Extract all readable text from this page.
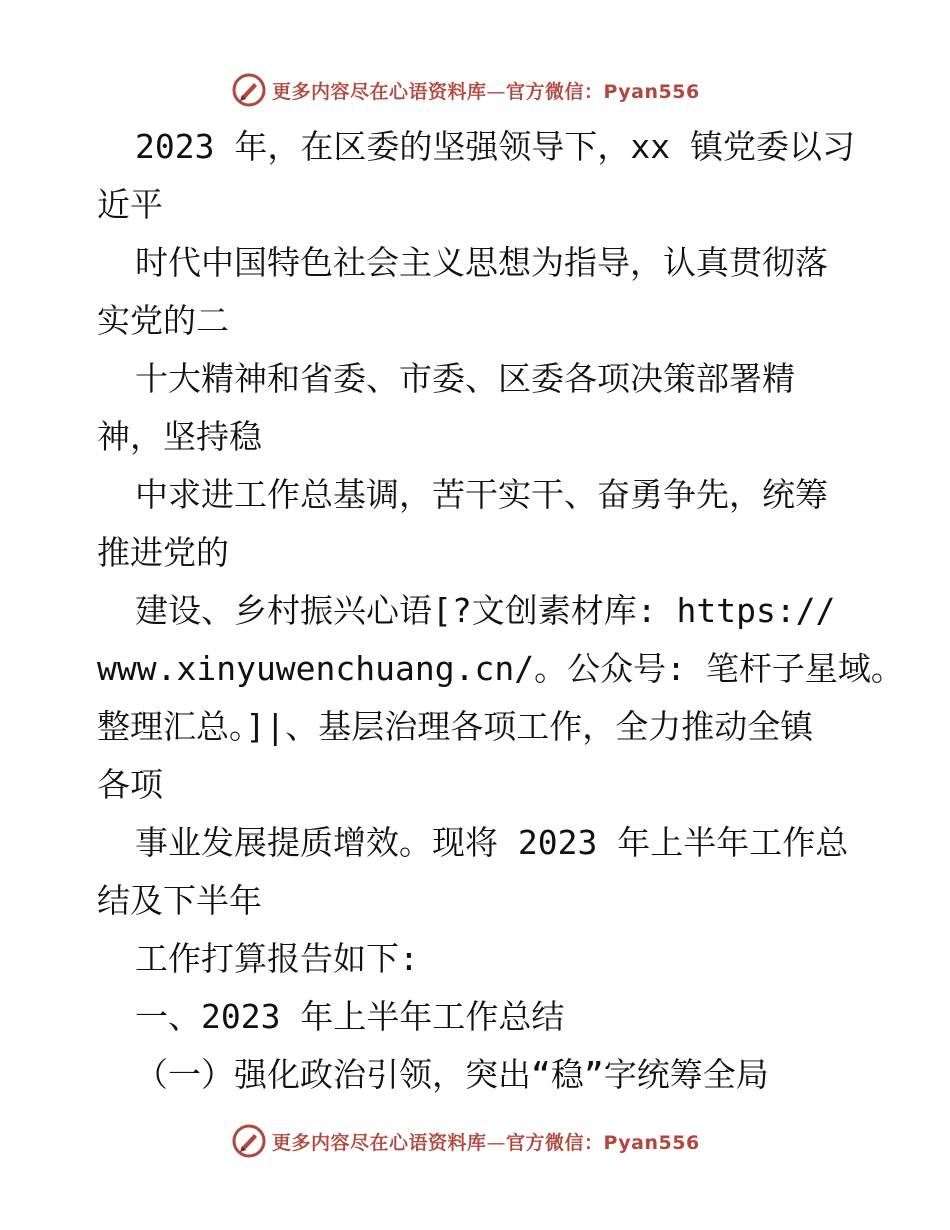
更多内容尽在心语资料库—官方微信：Pyan556
2023 年，在区委的坚强领导下，xx 镇党委以习
近平
时代中国特色社会主义思想为指导，认真贯彻落
实党的二
十大精神和省委、市委、区委各项决策部署精
神，坚持稳
中求进工作总基调，苦干实干、奋勇争先，统筹
推进党的
建设、乡村振兴心语[?文创素材库: https://
www.xinyuwenchuang.cn/。公众号: 笔杆子星域。
整理汇总。]|、基层治理各项工作，全力推动全镇
各项
事业发展提质增效。现将 2023 年上半年工作总
结及下半年
工作打算报告如下:
一、2023 年上半年工作总结
（一）强化政治引领，突出“稳”字统筹全局
更多内容尽在心语资料库—官方微信：Pyan556
